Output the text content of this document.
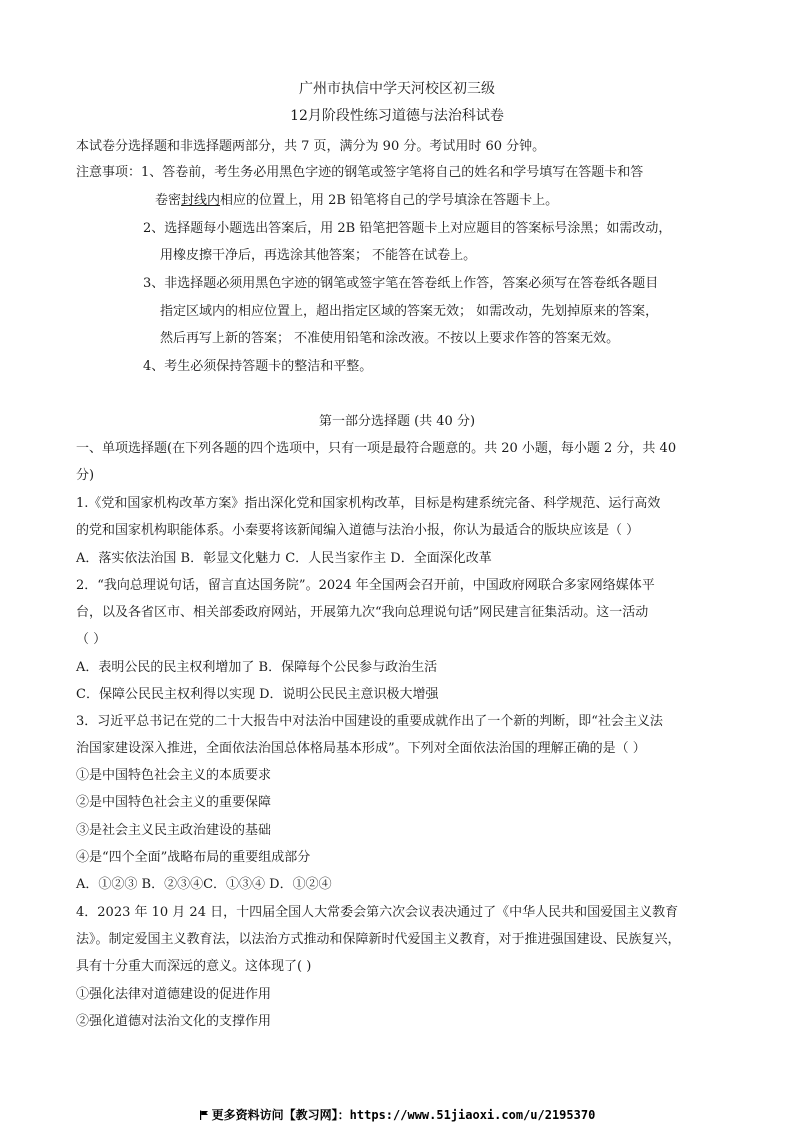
广州市执信中学天河校区初三级
12月阶段性练习道德与法治科试卷
本试卷分选择题和非选择题两部分，共 7 页，满分为 90 分。考试用时 60 分钟。
注意事项：1、答卷前，考生务必用黑色字迹的钢笔或签字笔将自己的姓名和学号填写在答题卡和答
卷密封线内相应的位置上，用 2B 铅笔将自己的学号填涂在答题卡上。
2、选择题每小题选出答案后，用 2B 铅笔把答题卡上对应题目的答案标号涂黑；如需改动，
用橡皮擦干净后，再选涂其他答案； 不能答在试卷上。
3、非选择题必须用黑色字迹的钢笔或签字笔在答卷纸上作答，答案必须写在答卷纸各题目
指定区域内的相应位置上，超出指定区域的答案无效； 如需改动，先划掉原来的答案，
然后再写上新的答案； 不准使用铅笔和涂改液。不按以上要求作答的答案无效。
4、考生必须保持答题卡的整洁和平整。
第一部分选择题 (共 40 分)
一、单项选择题(在下列各题的四个选项中，只有一项是最符合题意的。共 20 小题，每小题 2 分，共 40
分)
1.《党和国家机构改革方案》指出深化党和国家机构改革，目标是构建系统完备、科学规范、运行高效
的党和国家机构职能体系。小秦要将该新闻编入道德与法治小报，你认为最适合的版块应该是（ ）
A．落实依法治国 B．彰显文化魅力 C．人民当家作主 D．全面深化改革
2．“我向总理说句话，留言直达国务院”。2024 年全国两会召开前，中国政府网联合多家网络媒体平
台，以及各省区市、相关部委政府网站，开展第九次“我向总理说句话”网民建言征集活动。这一活动
（ ）
A．表明公民的民主权利增加了 B．保障每个公民参与政治生活
C．保障公民民主权利得以实现 D．说明公民民主意识极大增强
3．习近平总书记在党的二十大报告中对法治中国建设的重要成就作出了一个新的判断，即“社会主义法
治国家建设深入推进，全面依法治国总体格局基本形成”。下列对全面依法治国的理解正确的是（ ）
①是中国特色社会主义的本质要求
②是中国特色社会主义的重要保障
③是社会主义民主政治建设的基础
④是“四个全面”战略布局的重要组成部分
A．①②③ B．②③④C．①③④ D．①②④
4．2023 年 10 月 24 日，十四届全国人大常委会第六次会议表决通过了《中华人民共和国爱国主义教育
法》。制定爱国主义教育法，以法治方式推动和保障新时代爱国主义教育，对于推进强国建设、民族复兴，
具有十分重大而深远的意义。这体现了( )
①强化法律对道德建设的促进作用
②强化道德对法治文化的支撑作用
更多资料访问【教习网】：https://www.51jiaoxi.com/u/2195370
